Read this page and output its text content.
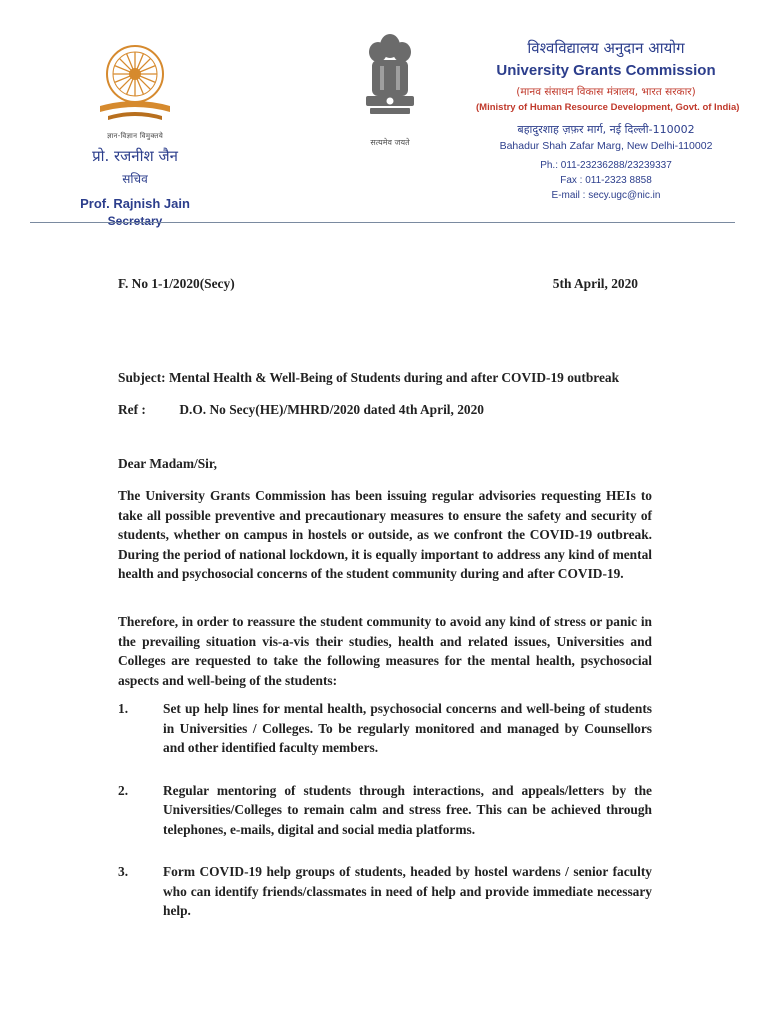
ज्ञान-विज्ञान विमुक्तये
प्रो. रजनीश जैन
सचिव
Prof. Rajnish Jain
Secretary
सत्यमेव जयते
विश्वविद्यालय अनुदान आयोग
University Grants Commission
(मानव संसाधन विकास मंत्रालय, भारत सरकार)
(Ministry of Human Resource Development, Govt. of India)
बहादुरशाह ज़फ़र मार्ग, नई दिल्ली-110002
Bahadur Shah Zafar Marg, New Delhi-110002
Ph.: 011-23236288/23239337
Fax : 011-2323 8858
E-mail : secy.ugc@nic.in
F. No 1-1/2020(Secy)	5th April, 2020
Subject: Mental Health & Well-Being of Students during and after COVID-19 outbreak
Ref : D.O. No Secy(HE)/MHRD/2020 dated 4th April, 2020
Dear Madam/Sir,
The University Grants Commission has been issuing regular advisories requesting HEIs to take all possible preventive and precautionary measures to ensure the safety and security of students, whether on campus in hostels or outside, as we confront the COVID-19 outbreak. During the period of national lockdown, it is equally important to address any kind of mental health and psychosocial concerns of the student community during and after COVID-19.
Therefore, in order to reassure the student community to avoid any kind of stress or panic in the prevailing situation vis-a-vis their studies, health and related issues, Universities and Colleges are requested to take the following measures for the mental health, psychosocial aspects and well-being of the students:
1.	Set up help lines for mental health, psychosocial concerns and well-being of students in Universities / Colleges. To be regularly monitored and managed by Counsellors and other identified faculty members.
2.	Regular mentoring of students through interactions, and appeals/letters by the Universities/Colleges to remain calm and stress free. This can be achieved through telephones, e-mails, digital and social media platforms.
3.	Form COVID-19 help groups of students, headed by hostel wardens / senior faculty who can identify friends/classmates in need of help and provide immediate necessary help.
